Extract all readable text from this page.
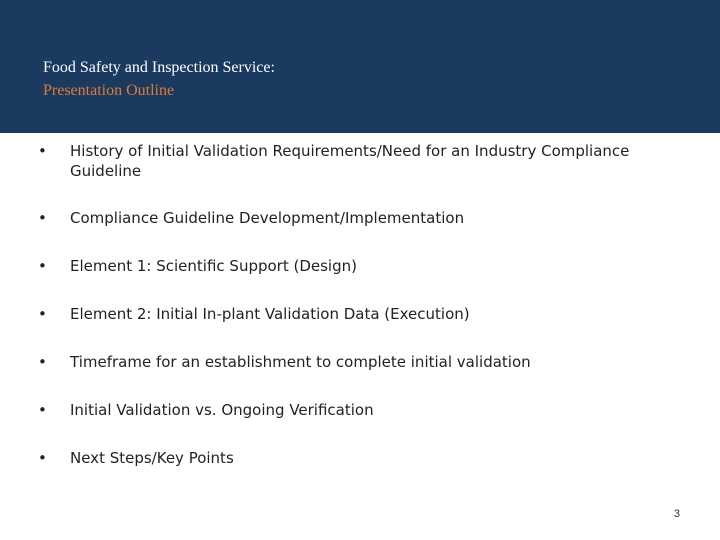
Food Safety and Inspection Service:
Presentation Outline
•	History of Initial Validation Requirements/Need for an Industry Compliance Guideline
•	Compliance Guideline Development/Implementation
•	Element 1: Scientific Support (Design)
•	Element 2: Initial In-plant Validation Data (Execution)
•	Timeframe for an establishment to complete initial validation
•	Initial Validation vs. Ongoing Verification
•	Next Steps/Key Points
3
